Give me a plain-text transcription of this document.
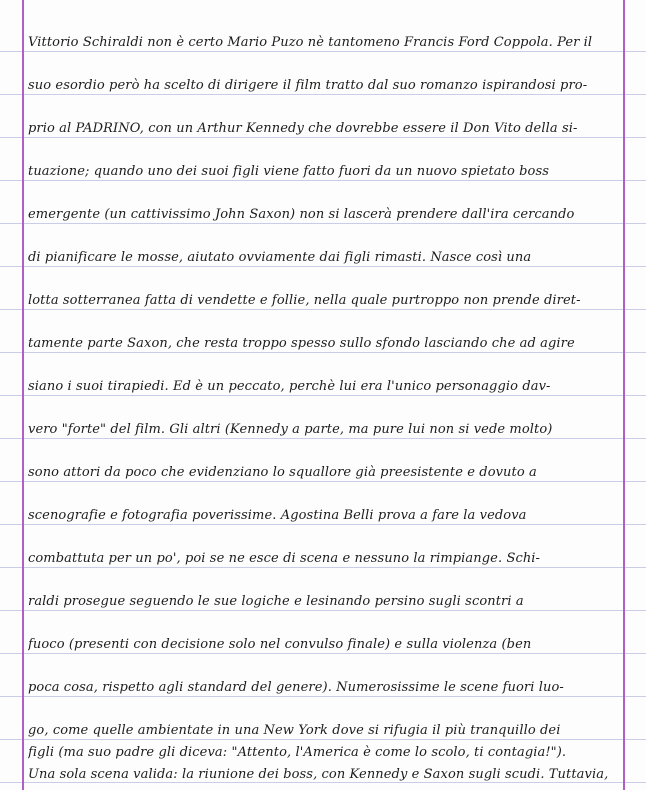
Vittorio Schiraldi non è certo Mario Puzo nè tantomeno Francis Ford Coppola. Per il
suo esordio però ha scelto di dirigere il film tratto dal suo romanzo ispirandosi pro-
prio al PADRINO, con un Arthur Kennedy che dovrebbe essere il Don Vito della si-
tuazione; quando uno dei suoi figli viene fatto fuori da un nuovo spietato boss
emergente (un cattivissimo John Saxon) non si lascerà prendere dall'ira cercando
di pianificare le mosse, aiutato ovviamente dai figli rimasti. Nasce così una
lotta sotterranea fatta di vendette e follie, nella quale purtroppo non prende diret-
tamente parte Saxon, che resta troppo spesso sullo sfondo lasciando che ad agire
siano i suoi tirapiedi. Ed è un peccato, perchè lui era l'unico personaggio dav-
vero "forte" del film. Gli altri (Kennedy a parte, ma pure lui non si vede molto)
sono attori da poco che evidenziano lo squallore già preesistente e dovuto a
scenografie e fotografia poverissime. Agostina Belli prova a fare la vedova
combattuta per un po', poi se ne esce di scena e nessuno la rimpiange. Schi-
raldi prosegue seguendo le sue logiche e lesinando persino sugli scontri a
fuoco (presenti con decisione solo nel convulso finale) e sulla violenza (ben
poca cosa, rispetto agli standard del genere). Numerosissime le scene fuori luo-
go, come quelle ambientate in una New York dove si rifugia il più tranquillo dei
figli (ma suo padre gli diceva: "Attento, l'America è come lo scolo, ti contagia!").
Una sola scena valida: la riunione dei boss, con Kennedy e Saxon sugli scudi. Tuttavia,
